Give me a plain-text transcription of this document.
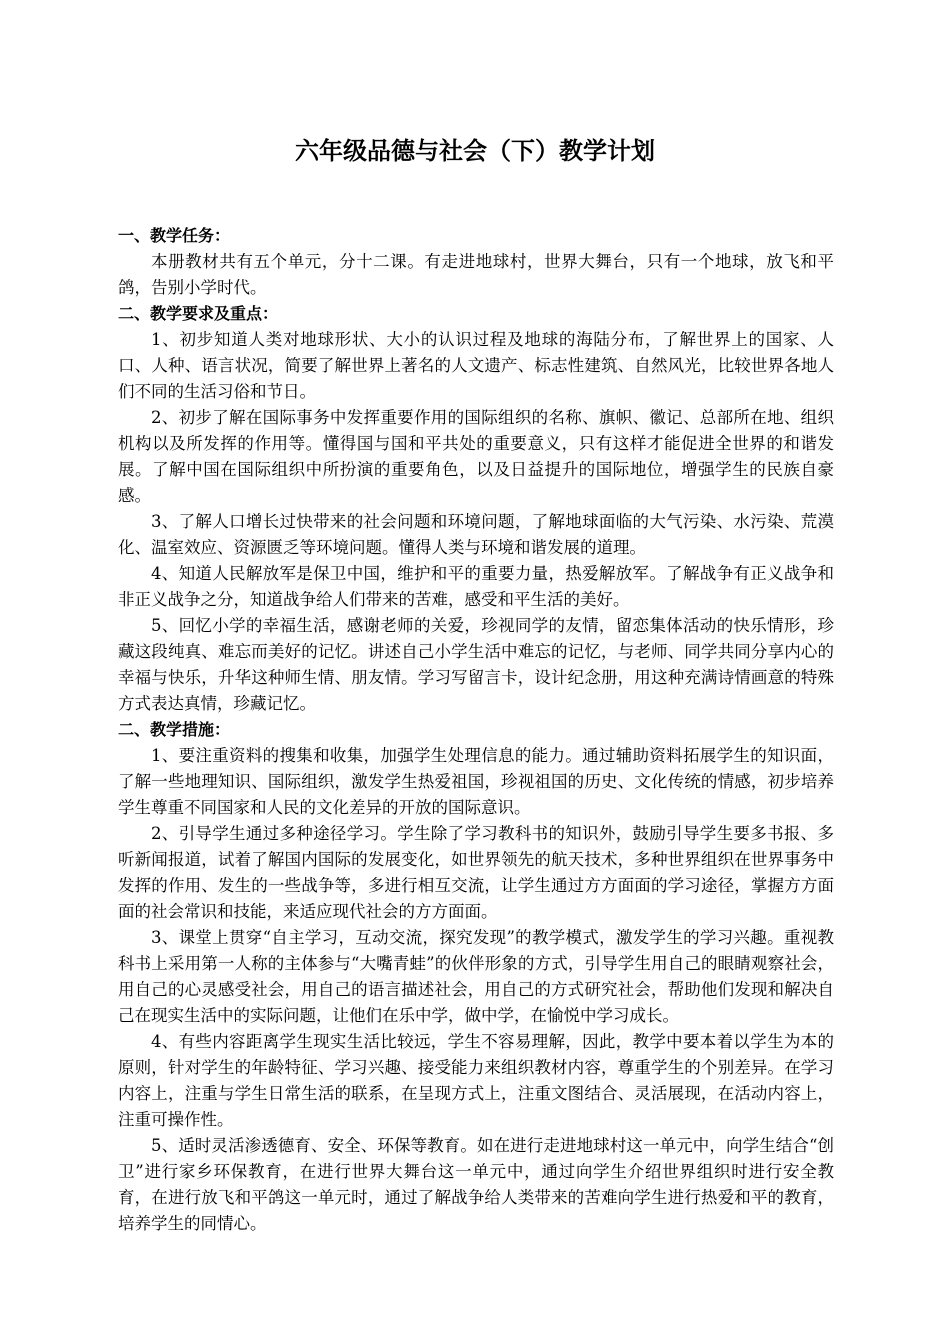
六年级品德与社会（下）教学计划

一、教学任务：

本册教材共有五个单元，分十二课。有走进地球村，世界大舞台，只有一个地球，放飞和平鸽，告别小学时代。

二、教学要求及重点：

1、初步知道人类对地球形状、大小的认识过程及地球的海陆分布，了解世界上的国家、人口、人种、语言状况，简要了解世界上著名的人文遗产、标志性建筑、自然风光，比较世界各地人们不同的生活习俗和节日。

2、初步了解在国际事务中发挥重要作用的国际组织的名称、旗帜、徽记、总部所在地、组织机构以及所发挥的作用等。懂得国与国和平共处的重要意义，只有这样才能促进全世界的和谐发展。了解中国在国际组织中所扮演的重要角色，以及日益提升的国际地位，增强学生的民族自豪感。

3、了解人口增长过快带来的社会问题和环境问题，了解地球面临的大气污染、水污染、荒漠化、温室效应、资源匮乏等环境问题。懂得人类与环境和谐发展的道理。

4、知道人民解放军是保卫中国，维护和平的重要力量，热爱解放军。了解战争有正义战争和非正义战争之分，知道战争给人们带来的苦难，感受和平生活的美好。

5、回忆小学的幸福生活，感谢老师的关爱，珍视同学的友情，留恋集体活动的快乐情形，珍藏这段纯真、难忘而美好的记忆。讲述自己小学生活中难忘的记忆，与老师、同学共同分享内心的幸福与快乐，升华这种师生情、朋友情。学习写留言卡，设计纪念册，用这种充满诗情画意的特殊方式表达真情，珍藏记忆。

二、教学措施：

1、要注重资料的搜集和收集，加强学生处理信息的能力。通过辅助资料拓展学生的知识面，了解一些地理知识、国际组织，激发学生热爱祖国，珍视祖国的历史、文化传统的情感，初步培养学生尊重不同国家和人民的文化差异的开放的国际意识。

2、引导学生通过多种途径学习。学生除了学习教科书的知识外，鼓励引导学生要多书报、多听新闻报道，试着了解国内国际的发展变化，如世界领先的航天技术，多种世界组织在世界事务中发挥的作用、发生的一些战争等，多进行相互交流，让学生通过方方面面的学习途径，掌握方方面面的社会常识和技能，来适应现代社会的方方面面。

3、课堂上贯穿“自主学习，互动交流，探究发现”的教学模式，激发学生的学习兴趣。重视教科书上采用第一人称的主体参与“大嘴青蛙”的伙伴形象的方式，引导学生用自己的眼睛观察社会，用自己的心灵感受社会，用自己的语言描述社会，用自己的方式研究社会，帮助他们发现和解决自己在现实生活中的实际问题，让他们在乐中学，做中学，在愉悦中学习成长。

4、有些内容距离学生现实生活比较远，学生不容易理解，因此，教学中要本着以学生为本的原则，针对学生的年龄特征、学习兴趣、接受能力来组织教材内容，尊重学生的个别差异。在学习内容上，注重与学生日常生活的联系，在呈现方式上，注重文图结合、灵活展现，在活动内容上，注重可操作性。

5、适时灵活渗透德育、安全、环保等教育。如在进行走进地球村这一单元中，向学生结合“创卫”进行家乡环保教育，在进行世界大舞台这一单元中，通过向学生介绍世界组织时进行安全教育，在进行放飞和平鸽这一单元时，通过了解战争给人类带来的苦难向学生进行热爱和平的教育，培养学生的同情心。
